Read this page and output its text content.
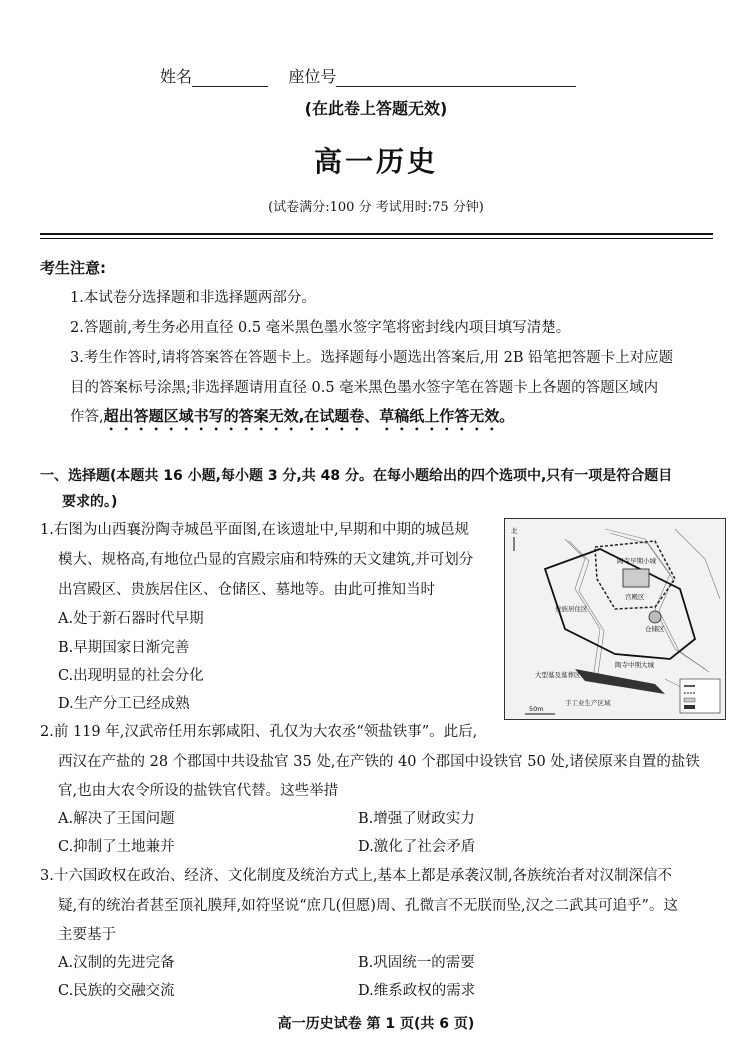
姓名	座位号
(在此卷上答题无效)
高一历史
(试卷满分:100 分 考试用时:75 分钟)
考生注意:
1.本试卷分选择题和非选择题两部分。
2.答题前,考生务必用直径 0.5 毫米黑色墨水签字笔将密封线内项目填写清楚。
3.考生作答时,请将答案答在答题卡上。选择题每小题选出答案后,用 2B 铅笔把答题卡上对应题
目的答案标号涂黑;非选择题请用直径 0.5 毫米黑色墨水签字笔在答题卡上各题的答题区域内
作答,超出答题区域书写的答案无效,在试题卷、草稿纸上作答无效。
一、选择题(本题共 16 小题,每小题 3 分,共 48 分。在每小题给出的四个选项中,只有一项是符合题目
要求的。)
1.右图为山西襄汾陶寺城邑平面图,在该遗址中,早期和中期的城邑规
模大、规格高,有地位凸显的宫殿宗庙和特殊的天文建筑,并可划分
出宫殿区、贵族居住区、仓储区、墓地等。由此可推知当时
A.处于新石器时代早期
B.早期国家日渐完善
C.出现明显的社会分化
D.生产分工已经成熟
北
陶寺早期小城
宫殿区
贵族居住区
仓储区
陶寺中期大城
大型墓及墓葬区
手工业生产区域
50m
2.前 119 年,汉武帝任用东郭咸阳、孔仅为大农丞“领盐铁事”。此后,
西汉在产盐的 28 个郡国中共设盐官 35 处,在产铁的 40 个郡国中设铁官 50 处,诸侯原来自置的盐铁
官,也由大农令所设的盐铁官代替。这些举措
A.解决了王国问题	B.增强了财政实力
C.抑制了土地兼并	D.激化了社会矛盾
3.十六国政权在政治、经济、文化制度及统治方式上,基本上都是承袭汉制,各族统治者对汉制深信不
疑,有的统治者甚至顶礼膜拜,如符坚说“庶几(但愿)周、孔微言不无朕而坠,汉之二武其可追乎”。这
主要基于
A.汉制的先进完备	B.巩固统一的需要
C.民族的交融交流	D.维系政权的需求
高一历史试卷 第 1 页(共 6 页)
